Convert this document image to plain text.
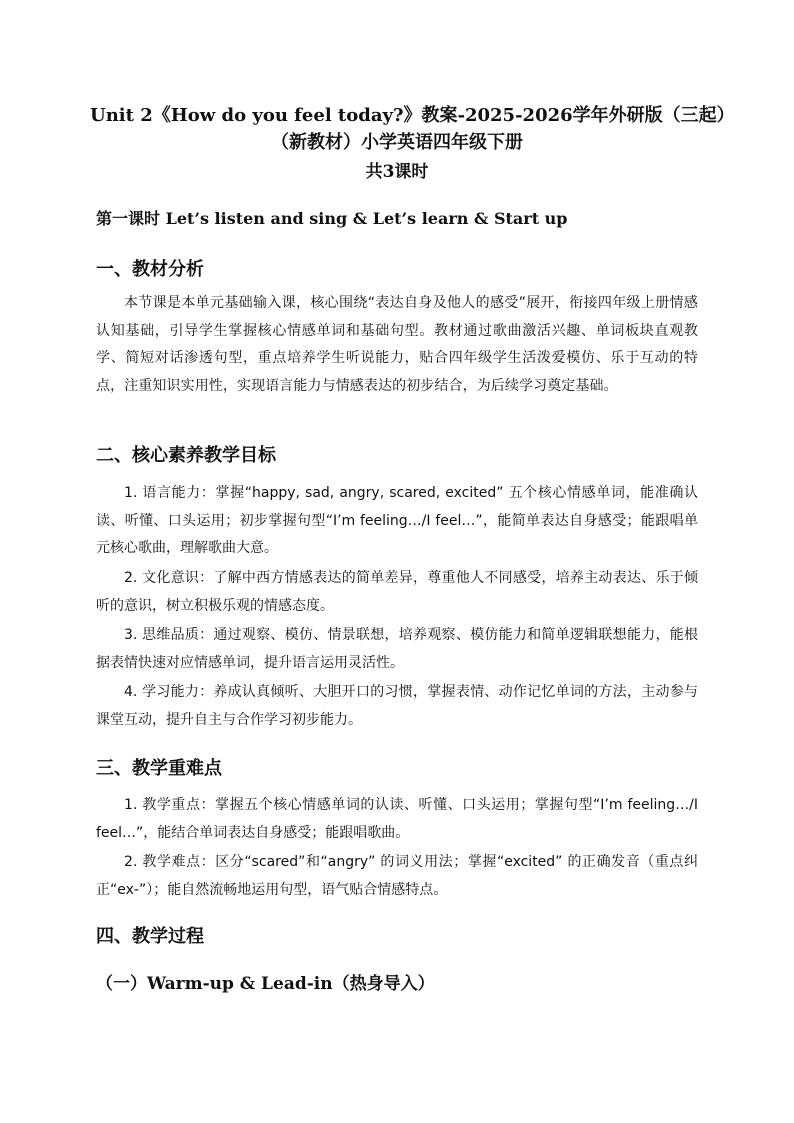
Unit 2《How do you feel today?》教案-2025-2026学年外研版（三起）
（新教材）小学英语四年级下册
共3课时
第一课时 Let’s listen and sing & Let’s learn & Start up
一、教材分析

本节课是本单元基础输入课，核心围绕“表达自身及他人的感受”展开，衔接四年级上册情感认知基础，引导学生掌握核心情感单词和基础句型。教材通过歌曲激活兴趣、单词板块直观教学、简短对话渗透句型，重点培养学生听说能力，贴合四年级学生活泼爱模仿、乐于互动的特点，注重知识实用性，实现语言能力与情感表达的初步结合，为后续学习奠定基础。

二、核心素养教学目标

1. 语言能力：掌握“happy, sad, angry, scared, excited” 五个核心情感单词，能准确认读、听懂、口头运用；初步掌握句型“I’m feeling…/I feel…”，能简单表达自身感受；能跟唱单元核心歌曲，理解歌曲大意。

2. 文化意识：了解中西方情感表达的简单差异，尊重他人不同感受，培养主动表达、乐于倾听的意识，树立积极乐观的情感态度。

3. 思维品质：通过观察、模仿、情景联想，培养观察、模仿能力和简单逻辑联想能力，能根据表情快速对应情感单词，提升语言运用灵活性。

4. 学习能力：养成认真倾听、大胆开口的习惯，掌握表情、动作记忆单词的方法，主动参与课堂互动，提升自主与合作学习初步能力。

三、教学重难点

1. 教学重点：掌握五个核心情感单词的认读、听懂、口头运用；掌握句型“I’m feeling…/I feel…”，能结合单词表达自身感受；能跟唱歌曲。

2. 教学难点：区分“scared”和“angry” 的词义用法；掌握“excited” 的正确发音（重点纠正“ex-”）；能自然流畅地运用句型，语气贴合情感特点。

四、教学过程
（一）Warm-up & Lead-in（热身导入）
